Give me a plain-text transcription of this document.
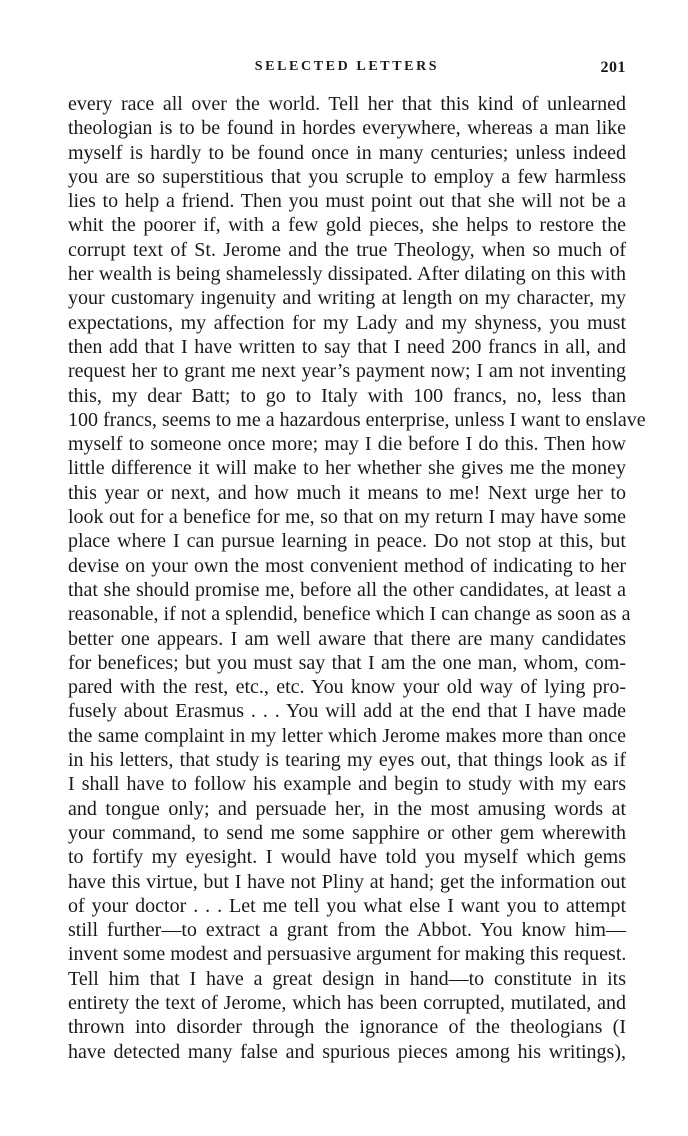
SELECTED LETTERS	201
every race all over the world. Tell her that this kind of unlearned
theologian is to be found in hordes everywhere, whereas a man like
myself is hardly to be found once in many centuries; unless indeed
you are so superstitious that you scruple to employ a few harmless
lies to help a friend. Then you must point out that she will not be a
whit the poorer if, with a few gold pieces, she helps to restore the
corrupt text of St. Jerome and the true Theology, when so much of
her wealth is being shamelessly dissipated. After dilating on this with
your customary ingenuity and writing at length on my character, my
expectations, my affection for my Lady and my shyness, you must
then add that I have written to say that I need 200 francs in all, and
request her to grant me next year’s payment now; I am not inventing
this, my dear Batt; to go to Italy with 100 francs, no, less than
100 francs, seems to me a hazardous enterprise, unless I want to enslave
myself to someone once more; may I die before I do this. Then how
little difference it will make to her whether she gives me the money
this year or next, and how much it means to me! Next urge her to
look out for a benefice for me, so that on my return I may have some
place where I can pursue learning in peace. Do not stop at this, but
devise on your own the most convenient method of indicating to her
that she should promise me, before all the other candidates, at least a
reasonable, if not a splendid, benefice which I can change as soon as a
better one appears. I am well aware that there are many candidates
for benefices; but you must say that I am the one man, whom, com-
pared with the rest, etc., etc. You know your old way of lying pro-
fusely about Erasmus . . . You will add at the end that I have made
the same complaint in my letter which Jerome makes more than once
in his letters, that study is tearing my eyes out, that things look as if
I shall have to follow his example and begin to study with my ears
and tongue only; and persuade her, in the most amusing words at
your command, to send me some sapphire or other gem wherewith
to fortify my eyesight. I would have told you myself which gems
have this virtue, but I have not Pliny at hand; get the information out
of your doctor . . . Let me tell you what else I want you to attempt
still further—to extract a grant from the Abbot. You know him—
invent some modest and persuasive argument for making this request.
Tell him that I have a great design in hand—to constitute in its
entirety the text of Jerome, which has been corrupted, mutilated, and
thrown into disorder through the ignorance of the theologians (I
have detected many false and spurious pieces among his writings),
